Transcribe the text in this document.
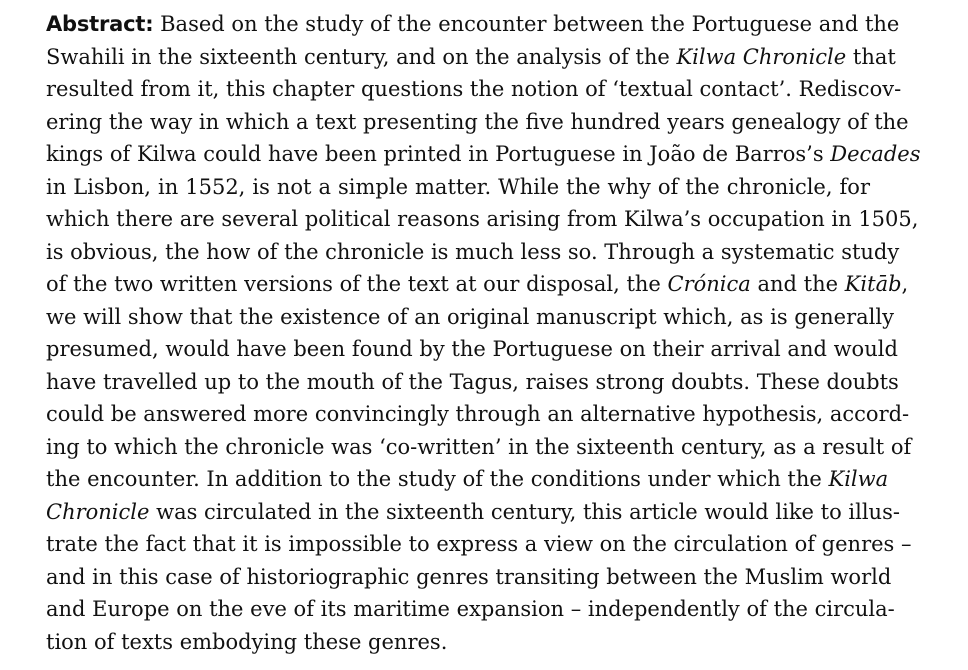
Abstract: Based on the study of the encounter between the Portuguese and the
Swahili in the sixteenth century, and on the analysis of the Kilwa Chronicle that
resulted from it, this chapter questions the notion of ‘textual contact’. Rediscov-
ering the way in which a text presenting the five hundred years genealogy of the
kings of Kilwa could have been printed in Portuguese in João de Barros’s Decades
in Lisbon, in 1552, is not a simple matter. While the why of the chronicle, for
which there are several political reasons arising from Kilwa’s occupation in 1505,
is obvious, the how of the chronicle is much less so. Through a systematic study
of the two written versions of the text at our disposal, the Crónica and the Kitāb,
we will show that the existence of an original manuscript which, as is generally
presumed, would have been found by the Portuguese on their arrival and would
have travelled up to the mouth of the Tagus, raises strong doubts. These doubts
could be answered more convincingly through an alternative hypothesis, accord-
ing to which the chronicle was ‘co-written’ in the sixteenth century, as a result of
the encounter. In addition to the study of the conditions under which the Kilwa
Chronicle was circulated in the sixteenth century, this article would like to illus-
trate the fact that it is impossible to express a view on the circulation of genres –
and in this case of historiographic genres transiting between the Muslim world
and Europe on the eve of its maritime expansion – independently of the circula-
tion of texts embodying these genres.
